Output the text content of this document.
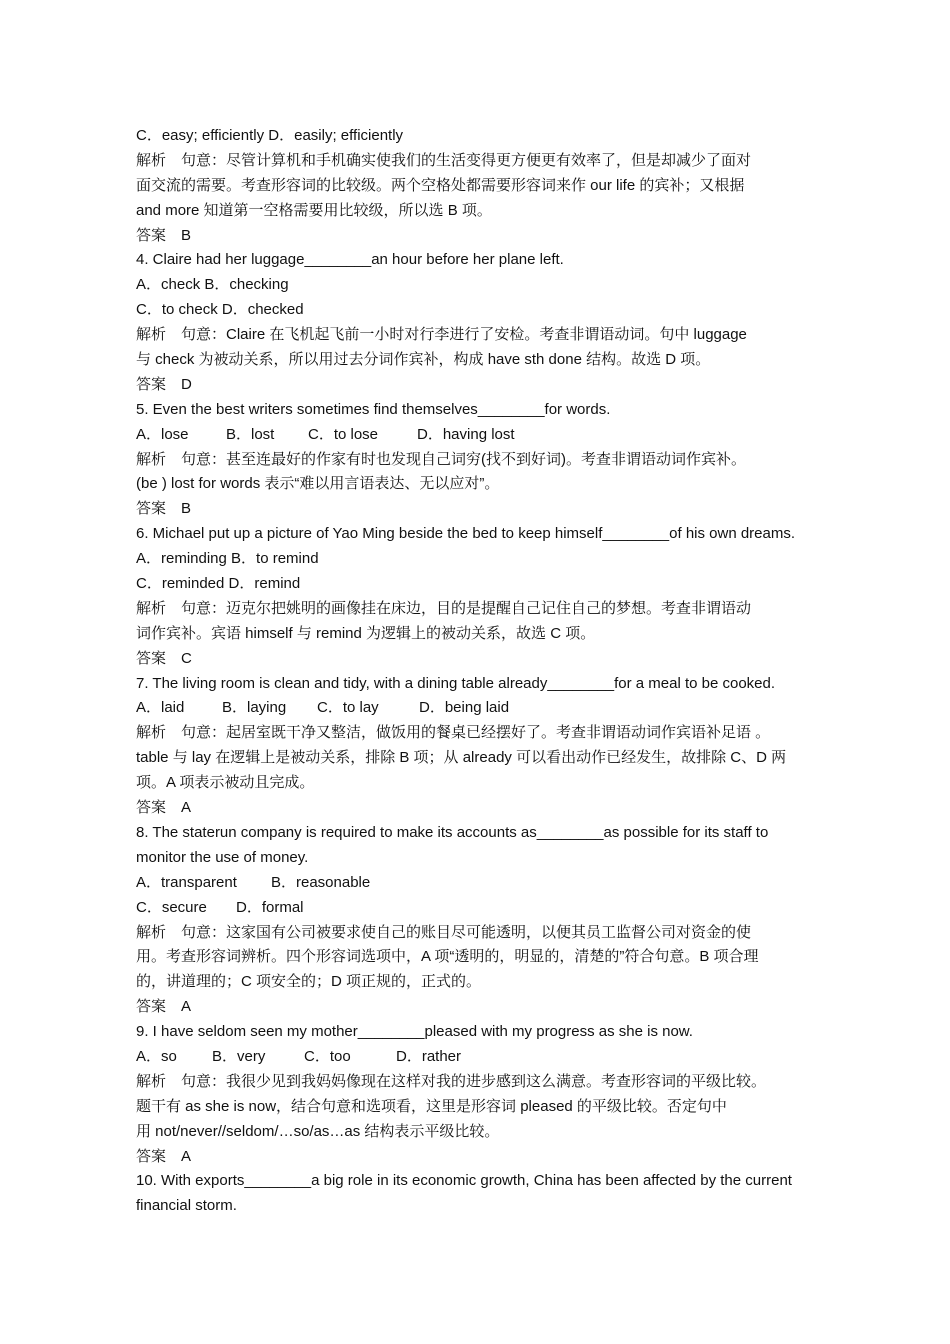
C．easy; efficiently D．easily; efficiently
解析　句意：尽管计算机和手机确实使我们的生活变得更方便更有效率了，但是却减少了面对
面交流的需要。考查形容词的比较级。两个空格处都需要形容词来作 our life 的宾补；又根据
and more 知道第一空格需要用比较级，所以选 B 项。
答案　B
4. Claire had her luggage________an hour before her plane left.
A．check B．checking
C．to check D．checked
解析　句意：Claire 在飞机起飞前一小时对行李进行了安检。考查非谓语动词。句中 luggage
与 check 为被动关系，所以用过去分词作宾补，构成 have sth done 结构。故选 D 项。
答案　D
5. Even the best writers sometimes find themselves________for words.
A．lose B．lost C．to lose	D．having lost
解析　句意：甚至连最好的作家有时也发现自己词穷(找不到好词)。考查非谓语动词作宾补。
(be ) lost for words 表示“难以用言语表达、无以应对”。
答案　B
6. Michael put up a picture of Yao Ming beside the bed to keep himself________of his own dreams.
A．reminding B．to remind
C．reminded D．remind
解析　句意：迈克尔把姚明的画像挂在床边，目的是提醒自己记住自己的梦想。考查非谓语动
词作宾补。宾语 himself 与 remind 为逻辑上的被动关系，故选 C 项。
答案　C
7. The living room is clean and tidy, with a dining table already________for a meal to be cooked.
A．laid	B．laying C．to lay	D．being laid
解析　句意：起居室既干净又整洁，做饭用的餐桌已经摆好了。考查非谓语动词作宾语补足语 。
table 与 lay 在逻辑上是被动关系，排除 B 项；从 already 可以看出动作已经发生，故排除 C、D 两
项。A 项表示被动且完成。
答案　A
8. The staterun company is required to make its accounts as________as possible for its staff to
monitor the use of money.
A．transparent B．reasonable
C．secure D．formal
解析　句意：这家国有公司被要求使自己的账目尽可能透明，以便其员工监督公司对资金的使
用。考查形容词辨析。四个形容词选项中，A 项“透明的，明显的，清楚的”符合句意。B 项合理
的，讲道理的；C 项安全的；D 项正规的，正式的。
答案　A
9. I have seldom seen my mother________pleased with my progress as she is now.
A．so B．very	C．too	D．rather
解析　句意：我很少见到我妈妈像现在这样对我的进步感到这么满意。考查形容词的平级比较。
题干有 as she is now，结合句意和选项看，这里是形容词 pleased 的平级比较。否定句中
用 not/never//seldom/…so/as…as 结构表示平级比较。
答案　A
10. With exports________a big role in its economic growth, China has been affected by the current
financial storm.
